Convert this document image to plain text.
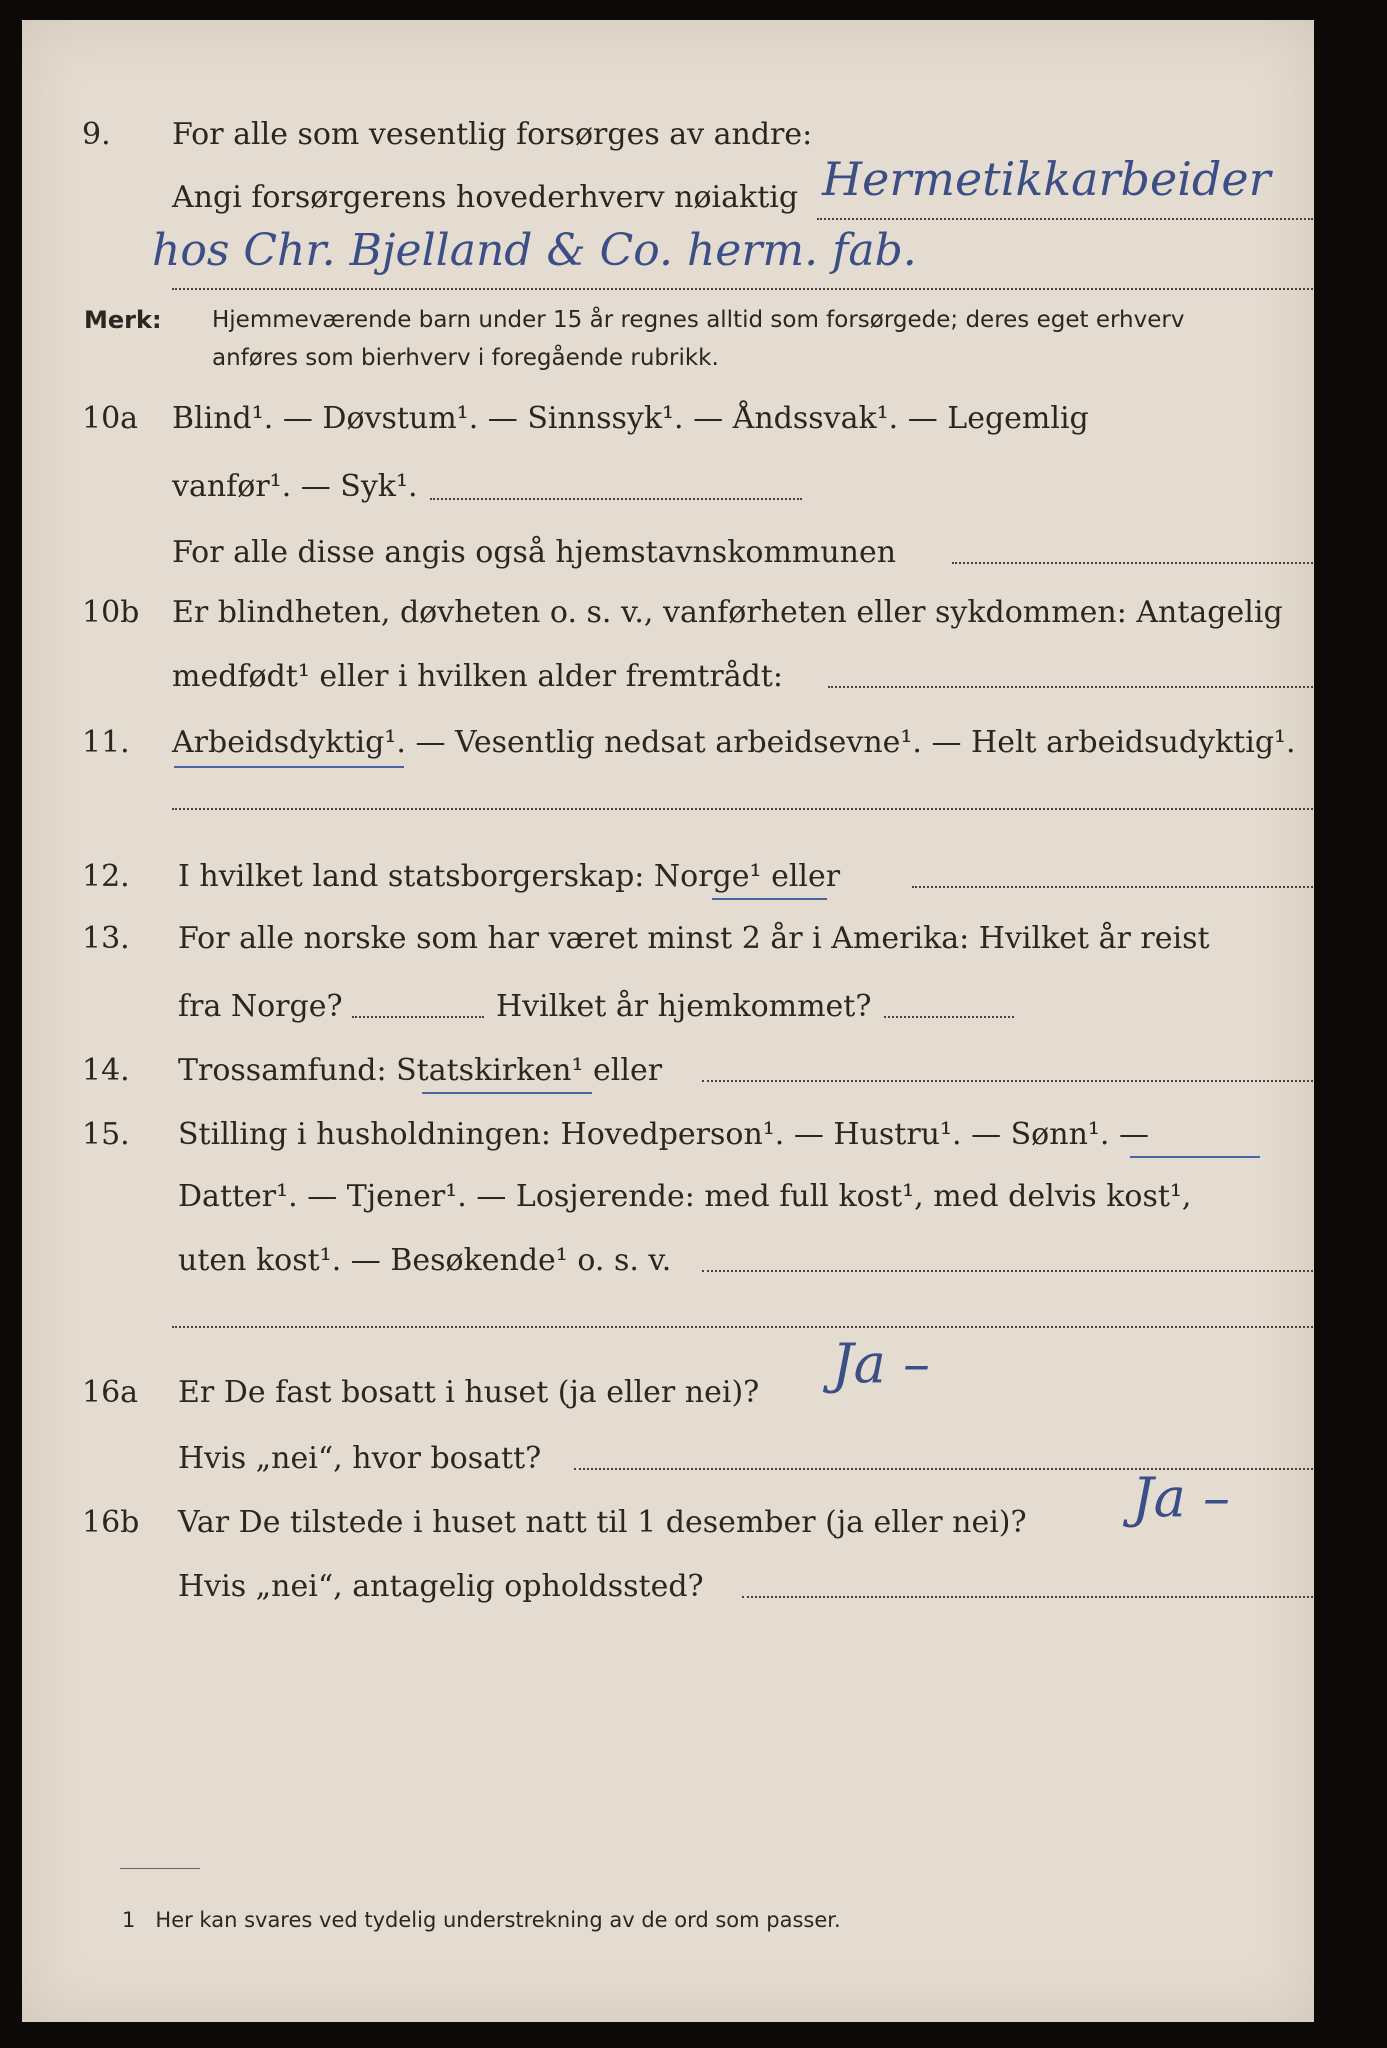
9. For alle som vesentlig forsørges av andre:
Angi forsørgerens hovederhverv nøiaktig Hermetikkarbeider
hos Chr. Bjelland & Co. herm. fab.
Merk: Hjemmeværende barn under 15 år regnes alltid som forsørgede; deres eget erhverv
anføres som bierhverv i foregående rubrikk.
10a Blind¹. — Døvstum¹. — Sinnssyk¹. — Åndssvak¹. — Legemlig
vanfør¹. — Syk¹.
For alle disse angis også hjemstavnskommunen
10b Er blindheten, døvheten o. s. v., vanførheten eller sykdommen: Antagelig
medfødt¹ eller i hvilken alder fremtrådt:
11. Arbeidsdyktig¹. — Vesentlig nedsat arbeidsevne¹. — Helt arbeidsudyktig¹.
12. I hvilket land statsborgerskap: Norge¹ eller
13. For alle norske som har været minst 2 år i Amerika: Hvilket år reist
fra Norge?	Hvilket år hjemkommet?
14. Trossamfund: Statskirken¹ eller
15. Stilling i husholdningen: Hovedperson¹. — Hustru¹. — Sønn¹. —
Datter¹. — Tjener¹. — Losjerende: med full kost¹, med delvis kost¹,
uten kost¹. — Besøkende¹ o. s. v.
16a Er De fast bosatt i huset (ja eller nei)? Ja –
Hvis „nei“, hvor bosatt?
16b Var De tilstede i huset natt til 1 desember (ja eller nei)? Ja –
Hvis „nei“, antagelig opholdssted?
1 Her kan svares ved tydelig understrekning av de ord som passer.
